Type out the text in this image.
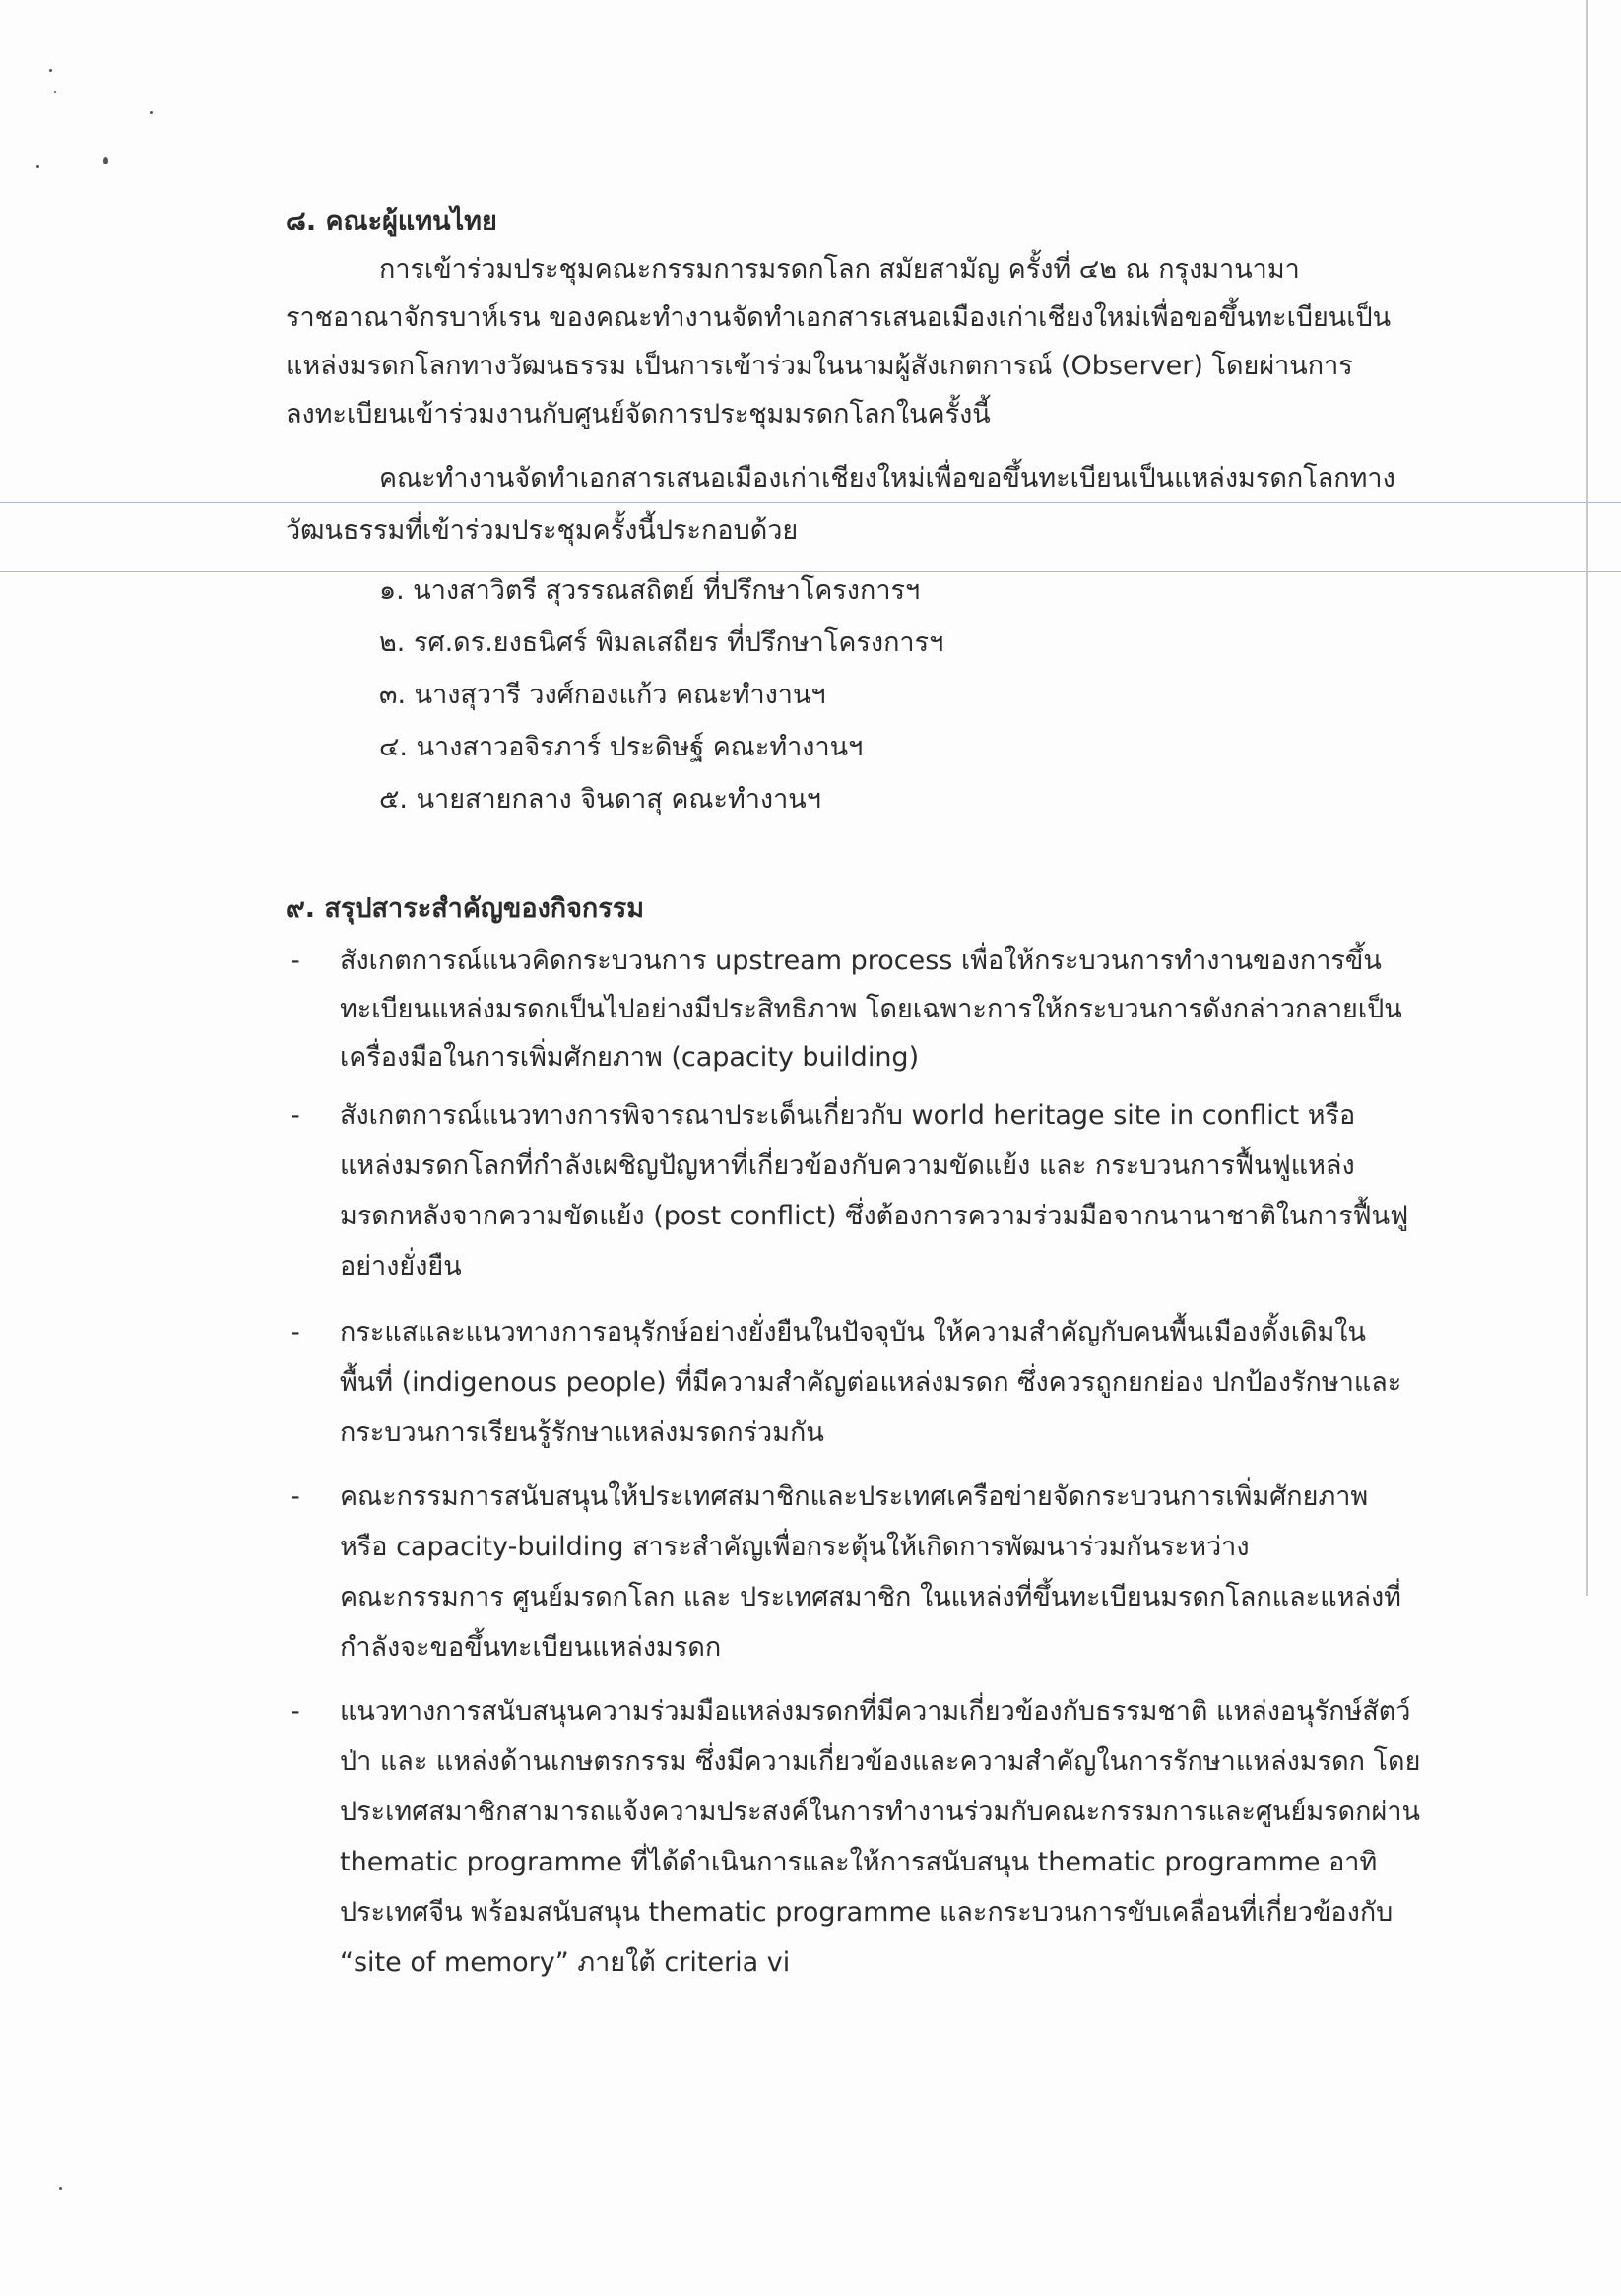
๘. คณะผู้แทนไทย
การเข้าร่วมประชุมคณะกรรมการมรดกโลก สมัยสามัญ ครั้งที่ ๔๒ ณ กรุงมานามา
ราชอาณาจักรบาห์เรน ของคณะทำงานจัดทำเอกสารเสนอเมืองเก่าเชียงใหม่เพื่อขอขึ้นทะเบียนเป็น
แหล่งมรดกโลกทางวัฒนธรรม เป็นการเข้าร่วมในนามผู้สังเกตการณ์ (Observer) โดยผ่านการ
ลงทะเบียนเข้าร่วมงานกับศูนย์จัดการประชุมมรดกโลกในครั้งนี้
คณะทำงานจัดทำเอกสารเสนอเมืองเก่าเชียงใหม่เพื่อขอขึ้นทะเบียนเป็นแหล่งมรดกโลกทาง
วัฒนธรรมที่เข้าร่วมประชุมครั้งนี้ประกอบด้วย
๑. นางสาวิตรี สุวรรณสถิตย์ ที่ปรึกษาโครงการฯ
๒. รศ.ดร.ยงธนิศร์ พิมลเสถียร ที่ปรึกษาโครงการฯ
๓. นางสุวารี วงศ์กองแก้ว คณะทำงานฯ
๔. นางสาวอจิรภาร์ ประดิษฐ์ คณะทำงานฯ
๕. นายสายกลาง จินดาสุ คณะทำงานฯ
๙. สรุปสาระสำคัญของกิจกรรม
- สังเกตการณ์แนวคิดกระบวนการ upstream process เพื่อให้กระบวนการทำงานของการขึ้น
ทะเบียนแหล่งมรดกเป็นไปอย่างมีประสิทธิภาพ โดยเฉพาะการให้กระบวนการดังกล่าวกลายเป็น
เครื่องมือในการเพิ่มศักยภาพ (capacity building)
- สังเกตการณ์แนวทางการพิจารณาประเด็นเกี่ยวกับ world heritage site in conflict หรือ
แหล่งมรดกโลกที่กำลังเผชิญปัญหาที่เกี่ยวข้องกับความขัดแย้ง และ กระบวนการฟื้นฟูแหล่ง
มรดกหลังจากความขัดแย้ง (post conflict) ซึ่งต้องการความร่วมมือจากนานาชาติในการฟื้นฟู
อย่างยั่งยืน
- กระแสและแนวทางการอนุรักษ์อย่างยั่งยืนในปัจจุบัน ให้ความสำคัญกับคนพื้นเมืองดั้งเดิมใน
พื้นที่ (indigenous people) ที่มีความสำคัญต่อแหล่งมรดก ซึ่งควรถูกยกย่อง ปกป้องรักษาและ
กระบวนการเรียนรู้รักษาแหล่งมรดกร่วมกัน
- คณะกรรมการสนับสนุนให้ประเทศสมาชิกและประเทศเครือข่ายจัดกระบวนการเพิ่มศักยภาพ
หรือ capacity-building สาระสำคัญเพื่อกระตุ้นให้เกิดการพัฒนาร่วมกันระหว่าง
คณะกรรมการ ศูนย์มรดกโลก และ ประเทศสมาชิก ในแหล่งที่ขึ้นทะเบียนมรดกโลกและแหล่งที่
กำลังจะขอขึ้นทะเบียนแหล่งมรดก
- แนวทางการสนับสนุนความร่วมมือแหล่งมรดกที่มีความเกี่ยวข้องกับธรรมชาติ แหล่งอนุรักษ์สัตว์
ป่า และ แหล่งด้านเกษตรกรรม ซึ่งมีความเกี่ยวข้องและความสำคัญในการรักษาแหล่งมรดก โดย
ประเทศสมาชิกสามารถแจ้งความประสงค์ในการทำงานร่วมกับคณะกรรมการและศูนย์มรดกผ่าน
thematic programme ที่ได้ดำเนินการและให้การสนับสนุน thematic programme อาทิ
ประเทศจีน พร้อมสนับสนุน thematic programme และกระบวนการขับเคลื่อนที่เกี่ยวข้องกับ
“site of memory” ภายใต้ criteria vi
